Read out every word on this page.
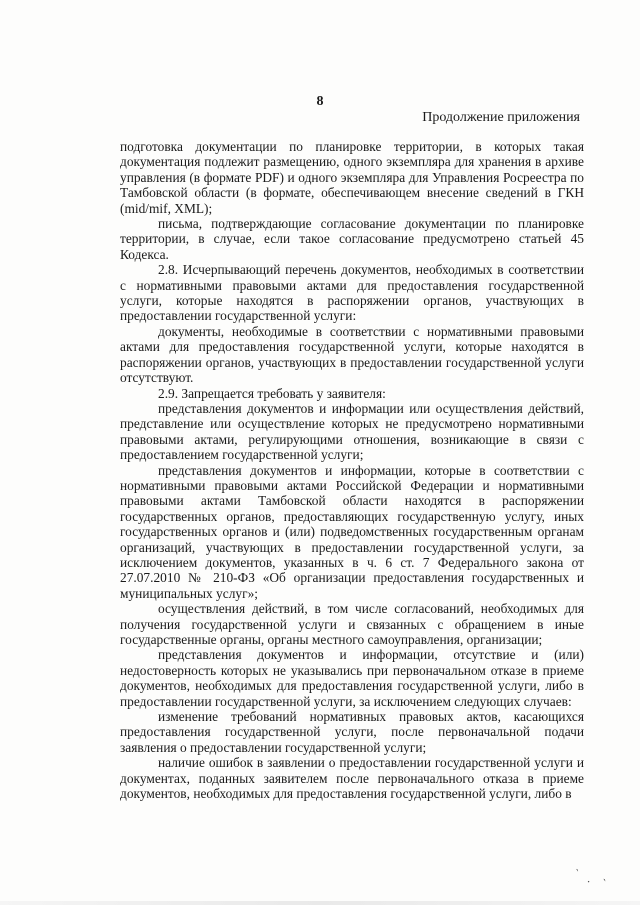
8
Продолжение приложения

подготовка документации по планировке территории, в которых такая документация подлежит размещению, одного экземпляра для хранения в архиве управления (в формате PDF) и одного экземпляра для Управления Росреестра по Тамбовской области (в формате, обеспечивающем внесение сведений в ГКН (mid/mif, XML);

письма, подтверждающие согласование документации по планировке территории, в случае, если такое согласование предусмотрено статьей 45 Кодекса.

2.8. Исчерпывающий перечень документов, необходимых в соответствии с нормативными правовыми актами для предоставления государственной услуги, которые находятся в распоряжении органов, участвующих в предоставлении государственной услуги:

документы, необходимые в соответствии с нормативными правовыми актами для предоставления государственной услуги, которые находятся в распоряжении органов, участвующих в предоставлении государственной услуги отсутствуют.

2.9. Запрещается требовать у заявителя:

представления документов и информации или осуществления действий, представление или осуществление которых не предусмотрено нормативными правовыми актами, регулирующими отношения, возникающие в связи с предоставлением государственной услуги;

представления документов и информации, которые в соответствии с нормативными правовыми актами Российской Федерации и нормативными правовыми актами Тамбовской области находятся в распоряжении государственных органов, предоставляющих государственную услугу, иных государственных органов и (или) подведомственных государственным органам организаций, участвующих в предоставлении государственной услуги, за исключением документов, указанных в ч. 6 ст. 7 Федерального закона от 27.07.2010 № 210-ФЗ «Об организации предоставления государственных и муниципальных услуг»;

осуществления действий, в том числе согласований, необходимых для получения государственной услуги и связанных с обращением в иные государственные органы, органы местного самоуправления, организации;

представления документов и информации, отсутствие и (или) недостоверность которых не указывались при первоначальном отказе в приеме документов, необходимых для предоставления государственной услуги, либо в предоставлении государственной услуги, за исключением следующих случаев:

изменение требований нормативных правовых актов, касающихся предоставления государственной услуги, после первоначальной подачи заявления о предоставлении государственной услуги;

наличие ошибок в заявлении о предоставлении государственной услуги и документах, поданных заявителем после первоначального отказа в приеме документов, необходимых для предоставления государственной услуги, либо в

` . `
